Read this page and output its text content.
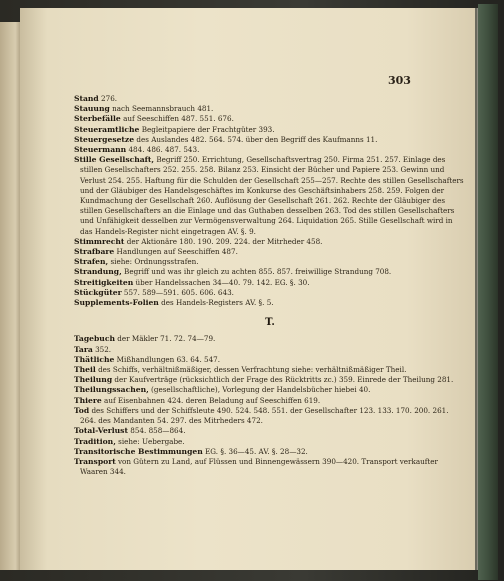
303

Stand 276.

Stauung nach Seemannsbrauch 481.

Sterbefälle auf Seeschiffen 487. 551. 676.

Steueramtliche Begleitpapiere der Frachtgüter 393.

Steuergesetze des Auslandes 482. 564. 574. über den Begriff des Kaufmanns 11.

Steuermann 484. 486. 487. 543.

Stille Gesellschaft, Begriff 250. Errichtung, Gesellschaftsvertrag 250. Firma 251. 257. Einlage des stillen Gesellschafters 252. 255. 258. Bilanz 253. Einsicht der Bücher und Papiere 253. Gewinn und Verlust 254. 255. Haftung für die Schulden der Gesellschaft 255—257. Rechte des stillen Gesellschafters und der Gläubiger des Handelsgeschäftes im Konkurse des Geschäftsinhabers 258. 259. Folgen der Kundmachung der Gesellschaft 260. Auflösung der Gesellschaft 261. 262. Rechte der Gläubiger des stillen Gesellschafters an die Einlage und das Guthaben desselben 263. Tod des stillen Gesellschafters und Unfähigkeit desselben zur Vermögensverwaltung 264. Liquidation 265. Stille Gesellschaft wird in das Handels-Register nicht eingetragen AV. §. 9.

Stimmrecht der Aktionäre 180. 190. 209. 224. der Mitrheder 458.

Strafbare Handlungen auf Seeschiffen 487.

Strafen, siehe: Ordnungsstrafen.

Strandung, Begriff und was ihr gleich zu achten 855. 857. freiwillige Strandung 708.

Streitigkeiten über Handelssachen 34—40. 79. 142. EG. §. 30.

Stückgüter 557. 589—591. 605. 606. 643.

Supplements-Folien des Handels-Registers AV. §. 5.

T.

Tagebuch der Mäkler 71. 72. 74—79.

Tara 352.

Thätliche Mißhandlungen 63. 64. 547.

Theil des Schiffs, verhältnißmäßiger, dessen Verfrachtung siehe: verhältnißmäßiger Theil.

Theilung der Kaufverträge (rücksichtlich der Frage des Rücktritts zc.) 359. Einrede der Theilung 281.

Theilungssachen, (gesellschaftliche), Vorlegung der Handelsbücher hiebei 40.

Thiere auf Eisenbahnen 424. deren Beladung auf Seeschiffen 619.

Tod des Schiffers und der Schiffsleute 490. 524. 548. 551. der Gesellschafter 123. 133. 170. 200. 261. 264. des Mandanten 54. 297. des Mitrheders 472.

Total-Verlust 854. 858—864.

Tradition, siehe: Uebergabe.

Transitorische Bestimmungen EG. §. 36—45. AV. §. 28—32.

Transport von Gütern zu Land, auf Flüssen und Binnengewässern 390—420. Transport verkaufter Waaren 344.
